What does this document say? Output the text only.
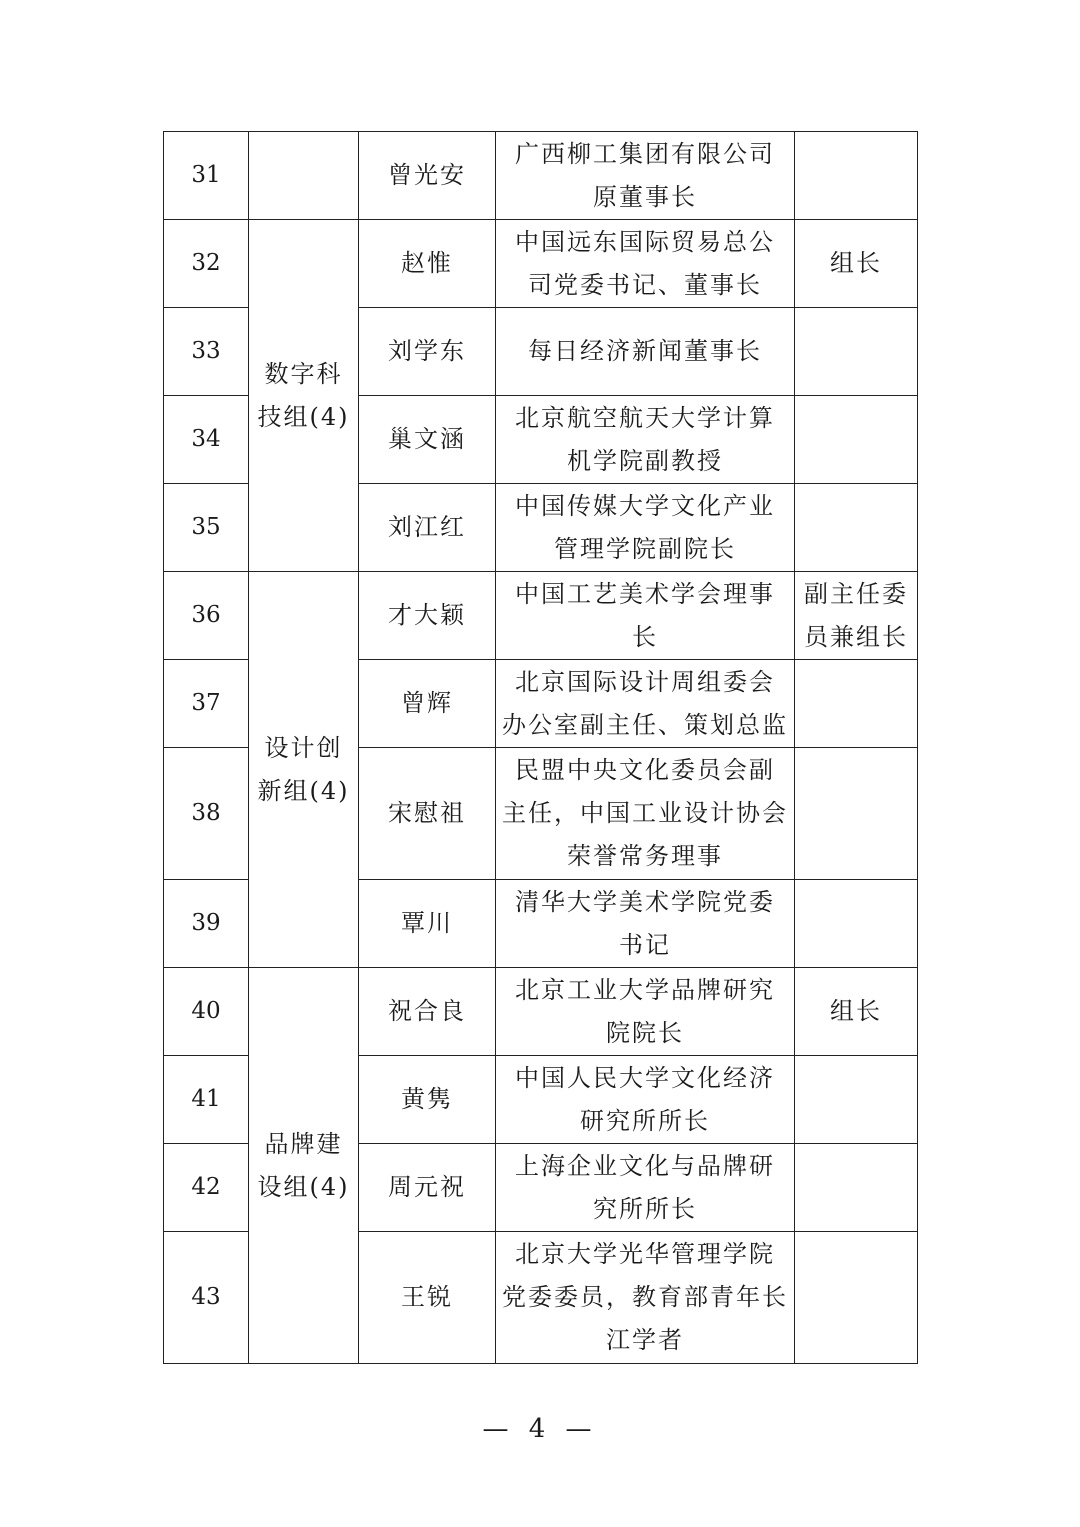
31		曾光安	广西柳工集团有限公司
原董事长	

32	数字科
技组(4)	赵惟	中国远东国际贸易总公
司党委书记、董事长	组长

33		刘学东	每日经济新闻董事长	

34		巢文涵	北京航空航天大学计算
机学院副教授	

35		刘江红	中国传媒大学文化产业
管理学院副院长	

36	设计创
新组(4)	才大颖	中国工艺美术学会理事
长	副主任委
员兼组长

37		曾辉	北京国际设计周组委会
办公室副主任、策划总监	

38		宋慰祖	民盟中央文化委员会副
主任，中国工业设计协会
荣誉常务理事	

39		覃川	清华大学美术学院党委
书记	

40	品牌建
设组(4)	祝合良	北京工业大学品牌研究
院院长	组长

41		黄隽	中国人民大学文化经济
研究所所长	

42		周元祝	上海企业文化与品牌研
究所所长	

43		王锐	北京大学光华管理学院
党委委员，教育部青年长
江学者	

— 4 —
